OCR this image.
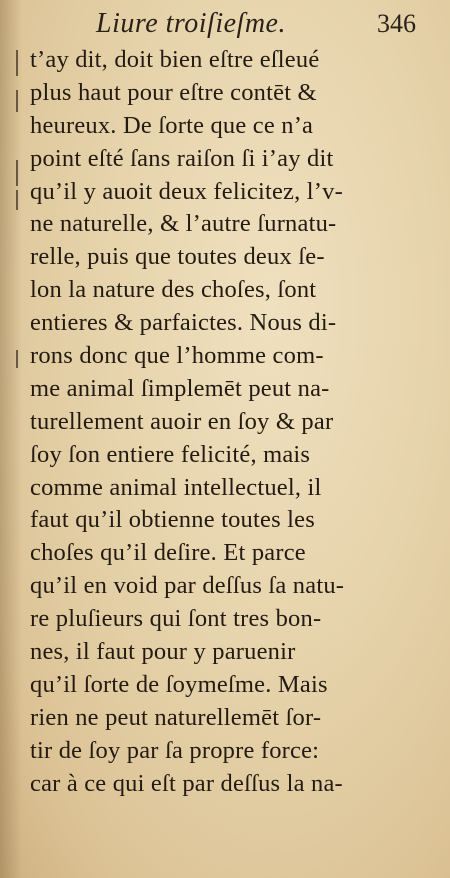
Liure troiſieſme.	346
t’ay dit, doit bien eſtre eſleué
plus haut pour eſtre contēt &
heureux. De ſorte que ce n’a
point eſté ſans raiſon ſi i’ay dit
qu’il y auoit deux felicitez, l’v-
ne naturelle, & l’autre ſurnatu-
relle, puis que toutes deux ſe-
lon la nature des choſes, ſont
entieres & parfaictes. Nous di-
rons donc que l’homme com-
me animal ſimplemēt peut na-
turellement auoir en ſoy & par
ſoy ſon entiere felicité, mais
comme animal intellectuel, il
faut qu’il obtienne toutes les
choſes qu’il deſire. Et parce
qu’il en void par deſſus ſa natu-
re pluſieurs qui ſont tres bon-
nes, il faut pour y paruenir
qu’il ſorte de ſoymeſme. Mais
rien ne peut naturellemēt ſor-
tir de ſoy par ſa propre force:
car à ce qui eſt par deſſus la na-
